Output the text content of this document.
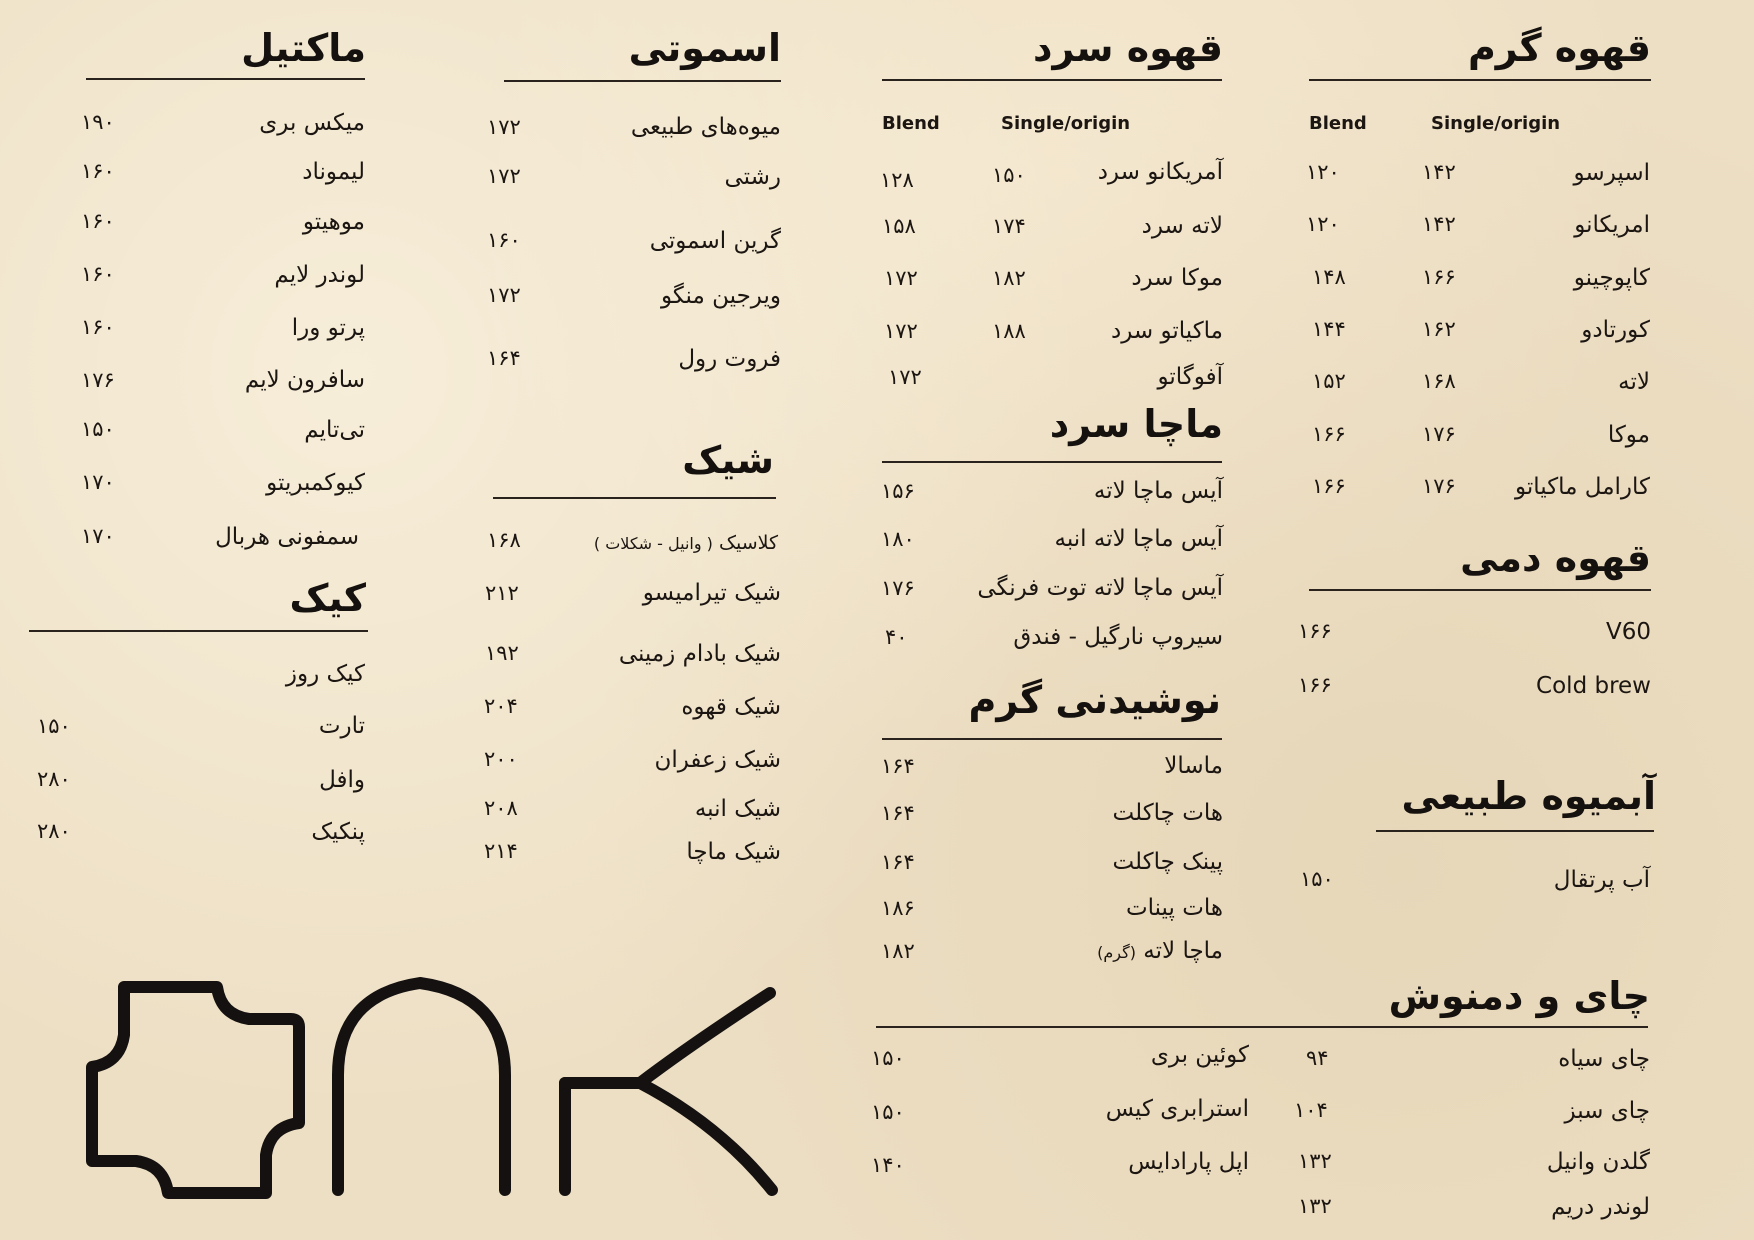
قهوه گرم
Blend	Single/origin
اسپرسو
۱۴۲
۱۲۰
امریکانو
۱۴۲
۱۲۰
کاپوچینو
۱۶۶
۱۴۸
کورتادو
۱۶۲
۱۴۴
لاته
۱۶۸
۱۵۲
موکا
۱۷۶
۱۶۶
کارامل ماکیاتو
۱۷۶
۱۶۶
قهوه دمی
V60
۱۶۶
Cold brew
۱۶۶
آبمیوه طبیعی
آب پرتقال
۱۵۰
چای و دمنوش
چای سیاه
۹۴
چای سبز
۱۰۴
گلدن وانیل
۱۳۲
لوندر دریم
۱۳۲
کوئین بری
۱۵۰
استرابری کیس
۱۵۰
اپل پارادایس
۱۴۰
قهوه سرد
Blend	Single/origin
آمریکانو سرد
۱۵۰
۱۲۸
لاته سرد
۱۷۴
۱۵۸
موکا سرد
۱۸۲
۱۷۲
ماکیاتو سرد
۱۸۸
۱۷۲
آفوگاتو
۱۷۲
ماچا سرد
آیس ماچا لاته
۱۵۶
آیس ماچا لاته انبه
۱۸۰
آیس ماچا لاته توت فرنگی
۱۷۶
سیروپ نارگیل - فندق
۴۰
نوشیدنی گرم
ماسالا
۱۶۴
هات چاکلت
۱۶۴
پینک چاکلت
۱۶۴
هات پینات
۱۸۶
ماچا لاته (گرم)
۱۸۲
اسموتی
میوه‌های طبیعی
۱۷۲
رشتی
۱۷۲
گرین اسموتی
۱۶۰
ویرجین منگو
۱۷۲
فروت رول
۱۶۴
شیک
کلاسیک ( وانیل - شکلات )
۱۶۸
شیک تیرامیسو
۲۱۲
شیک بادام زمینی
۱۹۲
شیک قهوه
۲۰۴
شیک زعفران
۲۰۰
شیک انبه
۲۰۸
شیک ماچا
۲۱۴
ماکتیل
میکس بری
۱۹۰
لیموناد
۱۶۰
موهیتو
۱۶۰
لوندر لایم
۱۶۰
پرتو ورا
۱۶۰
سافرون لایم
۱۷۶
تی‌تایم
۱۵۰
کیوکمبریتو
۱۷۰
سمفونی هربال
۱۷۰
کیک
کیک روز
تارت
۱۵۰
وافل
۲۸۰
پنکیک
۲۸۰
